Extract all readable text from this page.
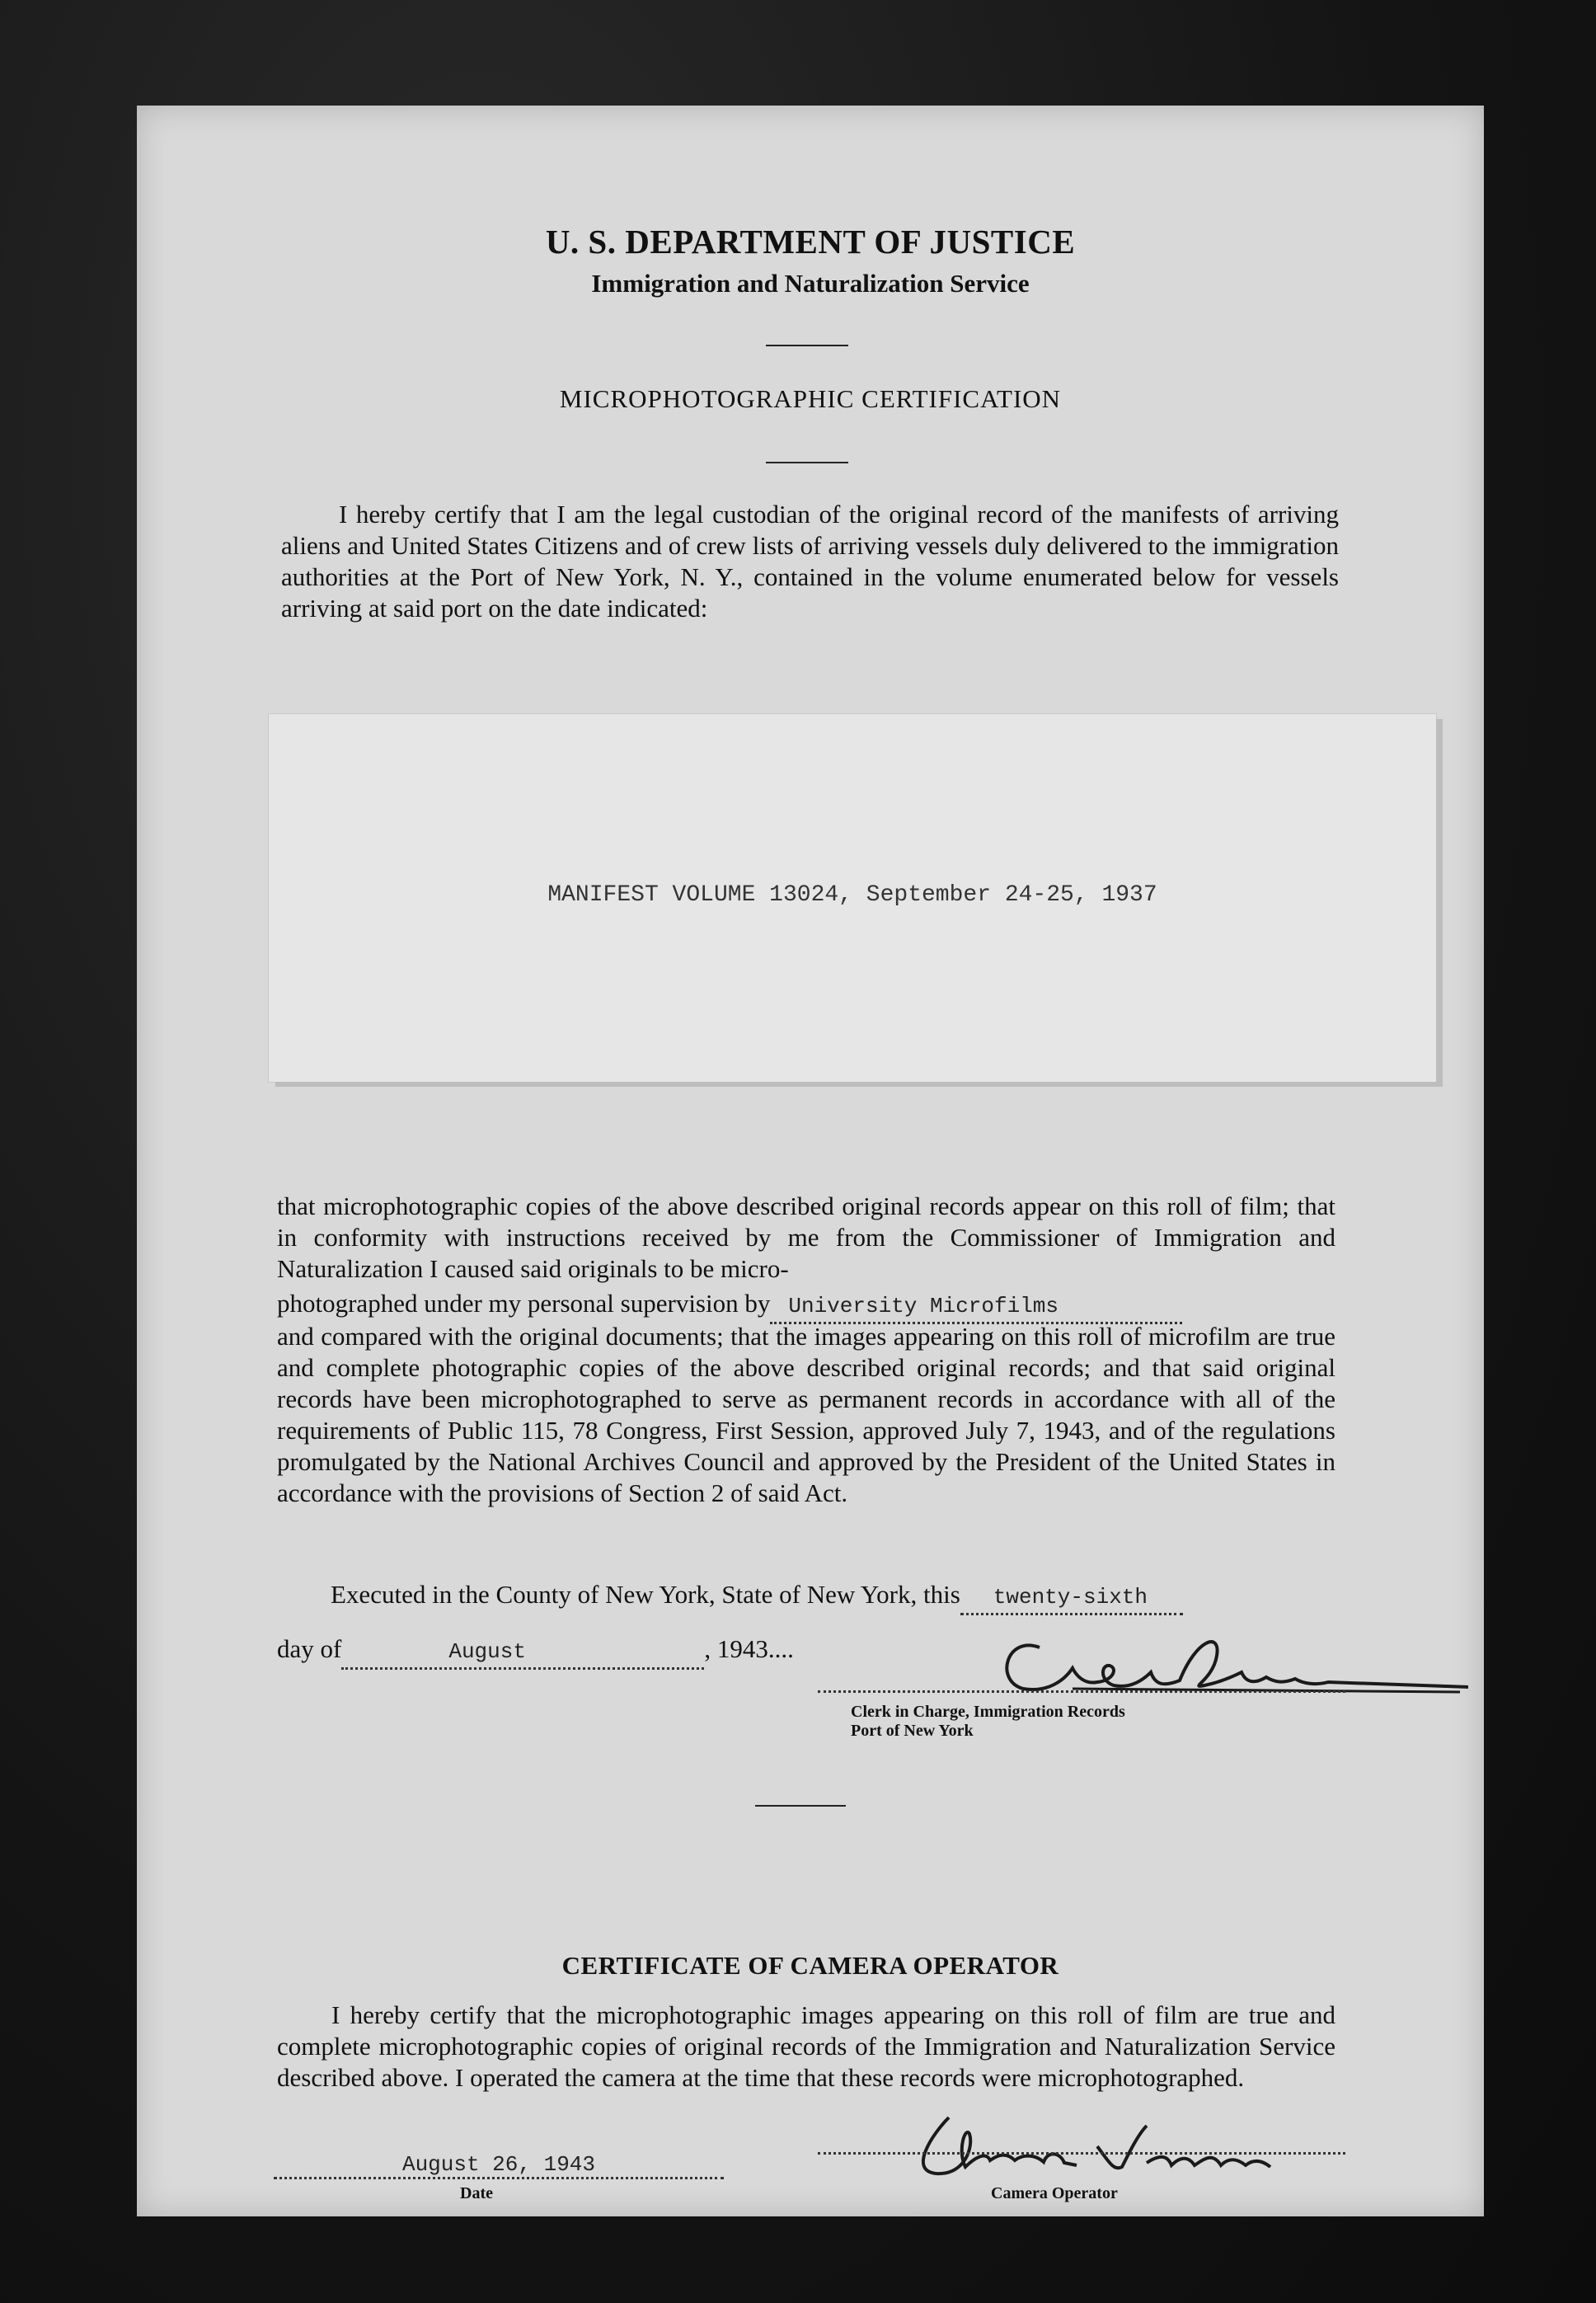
U. S. DEPARTMENT OF JUSTICE
Immigration and Naturalization Service
MICROPHOTOGRAPHIC CERTIFICATION
I hereby certify that I am the legal custodian of the original record of the manifests of arriving aliens and United States Citizens and of crew lists of arriving vessels duly delivered to the immigration authorities at the Port of New York, N. Y., contained in the volume enumerated below for vessels arriving at said port on the date indicated:
MANIFEST VOLUME 13024, September 24-25, 1937
that microphotographic copies of the above described original records appear on this roll of film; that in conformity with instructions received by me from the Commissioner of Immigration and Naturalization I caused said originals to be micro-
photographed under my personal supervision by University Microfilms
and compared with the original documents; that the images appearing on this roll of microfilm are true and complete photographic copies of the above described original records; and that said original records have been microphotographed to serve as permanent records in accordance with all of the requirements of Public 115, 78 Congress, First Session, approved July 7, 1943, and of the regulations promulgated by the National Archives Council and approved by the President of the United States in accordance with the provisions of Section 2 of said Act.
Executed in the County of New York, State of New York, this twenty-sixth
day of	August	, 1943....
Clerk in Charge, Immigration Records
Port of New York
CERTIFICATE OF CAMERA OPERATOR
I hereby certify that the microphotographic images appearing on this roll of film are true and complete microphotographic copies of original records of the Immigration and Naturalization Service described above. I operated the camera at the time that these records were microphotographed.
August 26, 1943
Date	Camera Operator
